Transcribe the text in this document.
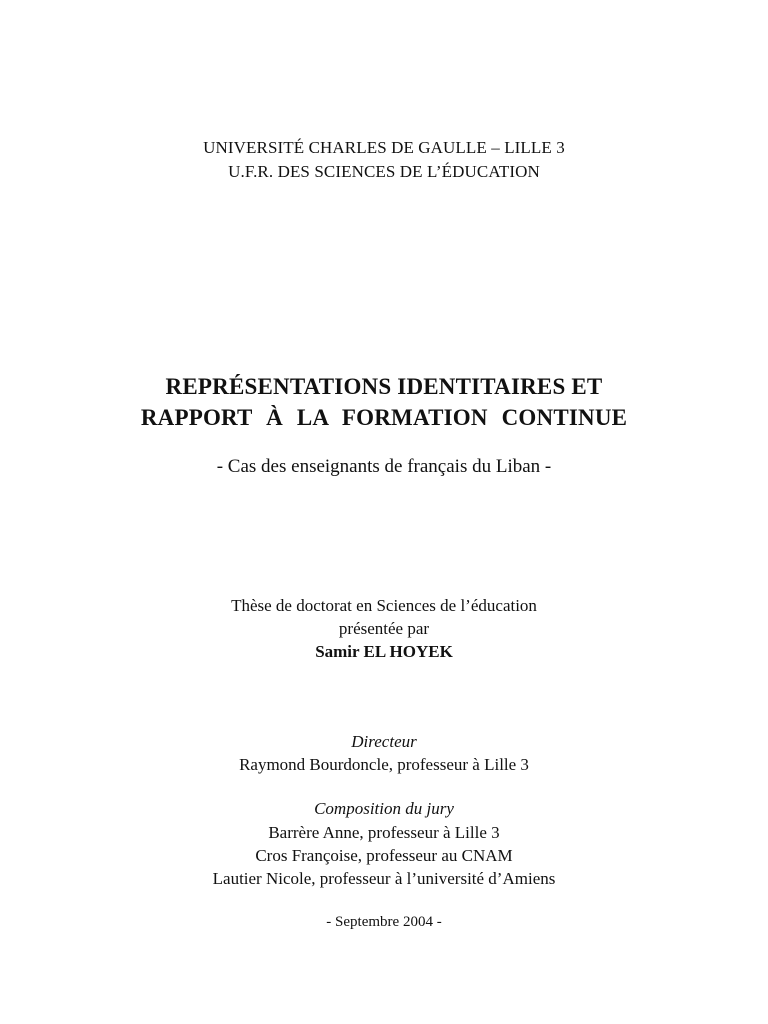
UNIVERSITÉ CHARLES DE GAULLE – LILLE 3
U.F.R. DES SCIENCES DE L’ÉDUCATION
REPRÉSENTATIONS IDENTITAIRES ET
RAPPORT À LA FORMATION CONTINUE
- Cas des enseignants de français du Liban -
Thèse de doctorat en Sciences de l’éducation
présentée par
Samir EL HOYEK
Directeur
Raymond Bourdoncle, professeur à Lille 3
Composition du jury
Barrère Anne, professeur à Lille 3
Cros Françoise, professeur au CNAM
Lautier Nicole, professeur à l’université d’Amiens
- Septembre 2004 -
